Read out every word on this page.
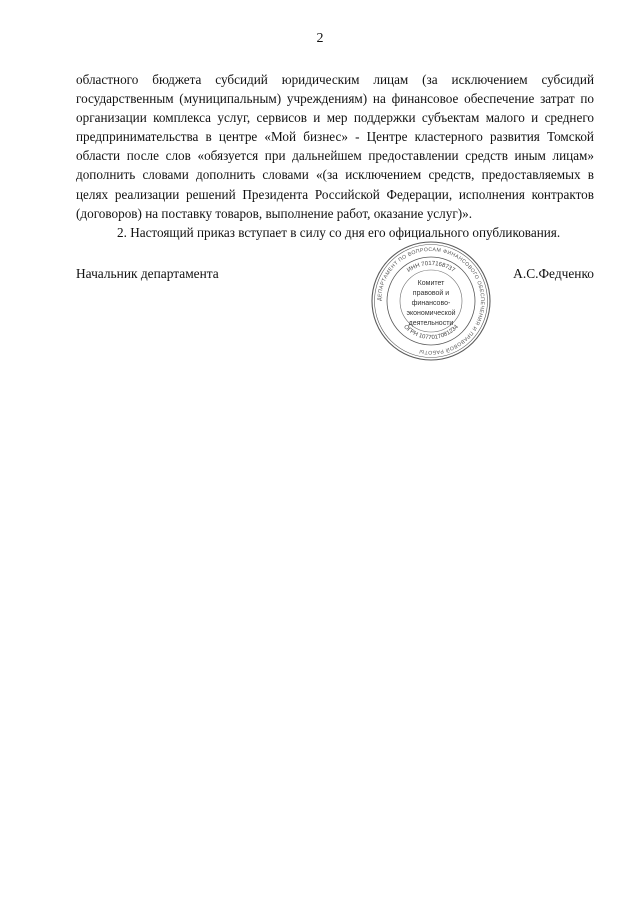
2

областного бюджета субсидий юридическим лицам (за исключением субсидий государственным (муниципальным) учреждениям) на финансовое обеспечение затрат по организации комплекса услуг, сервисов и мер поддержки субъектам малого и среднего предпринимательства в центре «Мой бизнес» - Центре кластерного развития Томской области после слов «обязуется при дальнейшем предоставлении средств иным лицам» дополнить словами дополнить словами «(за исключением средств, предоставляемых в целях реализации решений Президента Российской Федерации, исполнения контрактов (договоров) на поставку товаров, выполнение работ, оказание услуг)».

2. Настоящий приказ вступает в силу со дня его официального опубликования.

Начальник департамента	А.С.Федченко
ДЕПАРТАМЕНТ ПО ВОПРОСАМ ФИНАНСОВОГО ОБЕСПЕЧЕНИЯ И ПРАВОВОЙ РАБОТЫ
ИНН 7017168737
ОГРН 1077017081234
Комитет
правовой и
финансово-
экономической
деятельности
